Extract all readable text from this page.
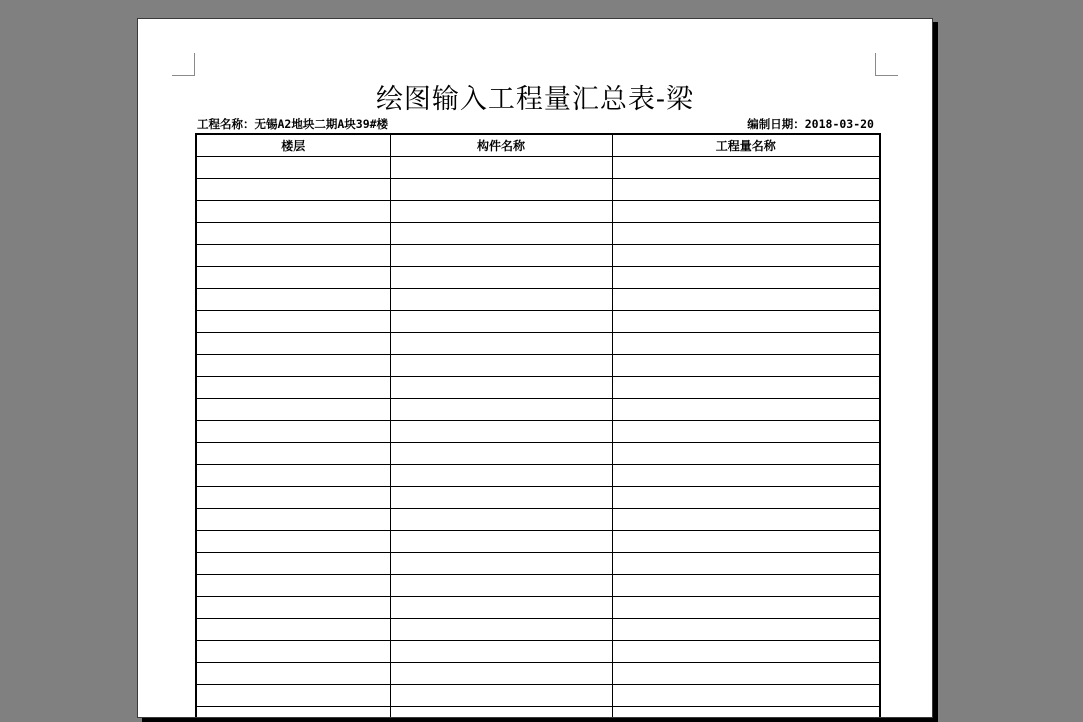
绘图输入工程量汇总表-梁
工程名称：无锡A2地块二期A块39#楼	编制日期：2018-03-20
楼层	构件名称	工程量名称
